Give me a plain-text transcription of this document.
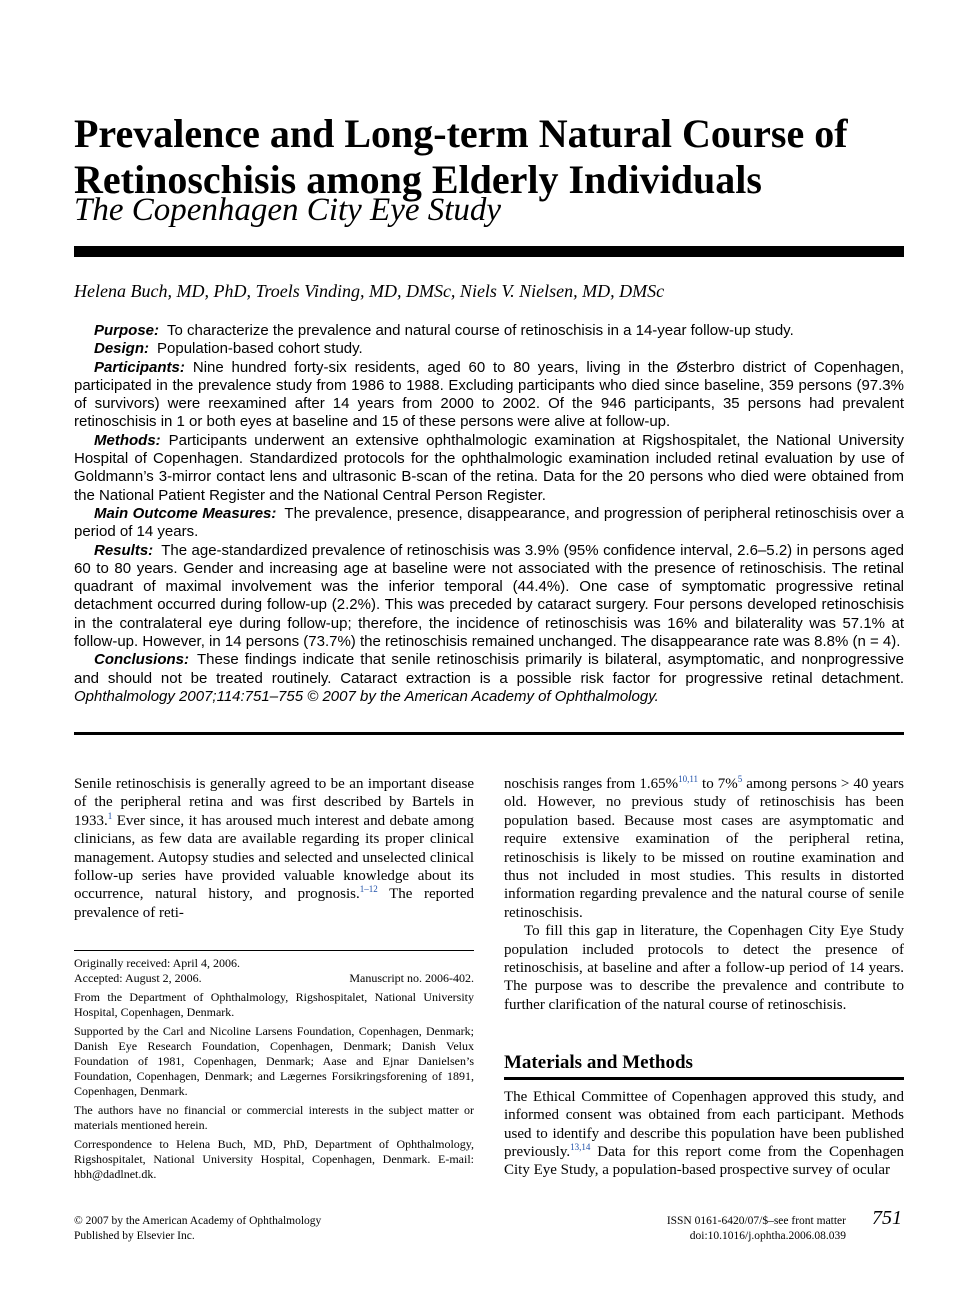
Prevalence and Long-term Natural Course of Retinoschisis among Elderly Individuals
The Copenhagen City Eye Study
Helena Buch, MD, PhD, Troels Vinding, MD, DMSc, Niels V. Nielsen, MD, DMSc

Purpose: To characterize the prevalence and natural course of retinoschisis in a 14-year follow-up study.

Design: Population-based cohort study.

Participants: Nine hundred forty-six residents, aged 60 to 80 years, living in the Østerbro district of Copenhagen, participated in the prevalence study from 1986 to 1988. Excluding participants who died since baseline, 359 persons (97.3% of survivors) were reexamined after 14 years from 2000 to 2002. Of the 946 participants, 35 persons had prevalent retinoschisis in 1 or both eyes at baseline and 15 of these persons were alive at follow-up.

Methods: Participants underwent an extensive ophthalmologic examination at Rigshospitalet, the National University Hospital of Copenhagen. Standardized protocols for the ophthalmologic examination included retinal evaluation by use of Goldmann’s 3-mirror contact lens and ultrasonic B-scan of the retina. Data for the 20 persons who died were obtained from the National Patient Register and the National Central Person Register.

Main Outcome Measures: The prevalence, presence, disappearance, and progression of peripheral retinoschisis over a period of 14 years.

Results: The age-standardized prevalence of retinoschisis was 3.9% (95% confidence interval, 2.6–5.2) in persons aged 60 to 80 years. Gender and increasing age at baseline were not associated with the presence of retinoschisis. The retinal quadrant of maximal involvement was the inferior temporal (44.4%). One case of symptomatic progressive retinal detachment occurred during follow-up (2.2%). This was preceded by cataract surgery. Four persons developed retinoschisis in the contralateral eye during follow-up; therefore, the incidence of retinoschisis was 16% and bilaterality was 57.1% at follow-up. However, in 14 persons (73.7%) the retinoschisis remained unchanged. The disappearance rate was 8.8% (n = 4).

Conclusions: These findings indicate that senile retinoschisis primarily is bilateral, asymptomatic, and nonprogressive and should not be treated routinely. Cataract extraction is a possible risk factor for progressive retinal detachment. Ophthalmology 2007;114:751–755 © 2007 by the American Academy of Ophthalmology.

Senile retinoschisis is generally agreed to be an important disease of the peripheral retina and was first described by Bartels in 1933.$^1$ Ever since, it has aroused much interest and debate among clinicians, as few data are available regarding its proper clinical management. Autopsy studies and selected and unselected clinical follow-up series have provided valuable knowledge about its occurrence, natural history, and prognosis.$^{1-12}$ The reported prevalence of reti-

Originally received: April 4, 2006.

Accepted: August 2, 2006.	Manuscript no. 2006-402.

From the Department of Ophthalmology, Rigshospitalet, National University Hospital, Copenhagen, Denmark.

Supported by the Carl and Nicoline Larsens Foundation, Copenhagen, Denmark; Danish Eye Research Foundation, Copenhagen, Denmark; Danish Velux Foundation of 1981, Copenhagen, Denmark; Aase and Ejnar Danielsen’s Foundation, Copenhagen, Denmark; and Lægernes Forsikringsforening of 1891, Copenhagen, Denmark.

The authors have no financial or commercial interests in the subject matter or materials mentioned herein.

Correspondence to Helena Buch, MD, PhD, Department of Ophthalmology, Rigshospitalet, National University Hospital, Copenhagen, Denmark. E-mail: hbh@dadlnet.dk.

noschisis ranges from 1.65%$^{10,11}$ to 7%$^5$ among persons > 40 years old. However, no previous study of retinoschisis has been population based. Because most cases are asymptomatic and require extensive examination of the peripheral retina, retinoschisis is likely to be missed on routine examination and thus not included in most studies. This results in distorted information regarding prevalence and the natural course of senile retinoschisis.

To fill this gap in literature, the Copenhagen City Eye Study population included protocols to detect the presence of retinoschisis, at baseline and after a follow-up period of 14 years. The purpose was to describe the prevalence and contribute to further clarification of the natural course of retinoschisis.

Materials and Methods

The Ethical Committee of Copenhagen approved this study, and informed consent was obtained from each participant. Methods used to identify and describe this population have been published previously.$^{13,14}$ Data for this report come from the Copenhagen City Eye Study, a population-based prospective survey of ocular

© 2007 by the American Academy of Ophthalmology
Published by Elsevier Inc.
ISSN 0161-6420/07/$–see front matter
doi:10.1016/j.ophtha.2006.08.039
751
